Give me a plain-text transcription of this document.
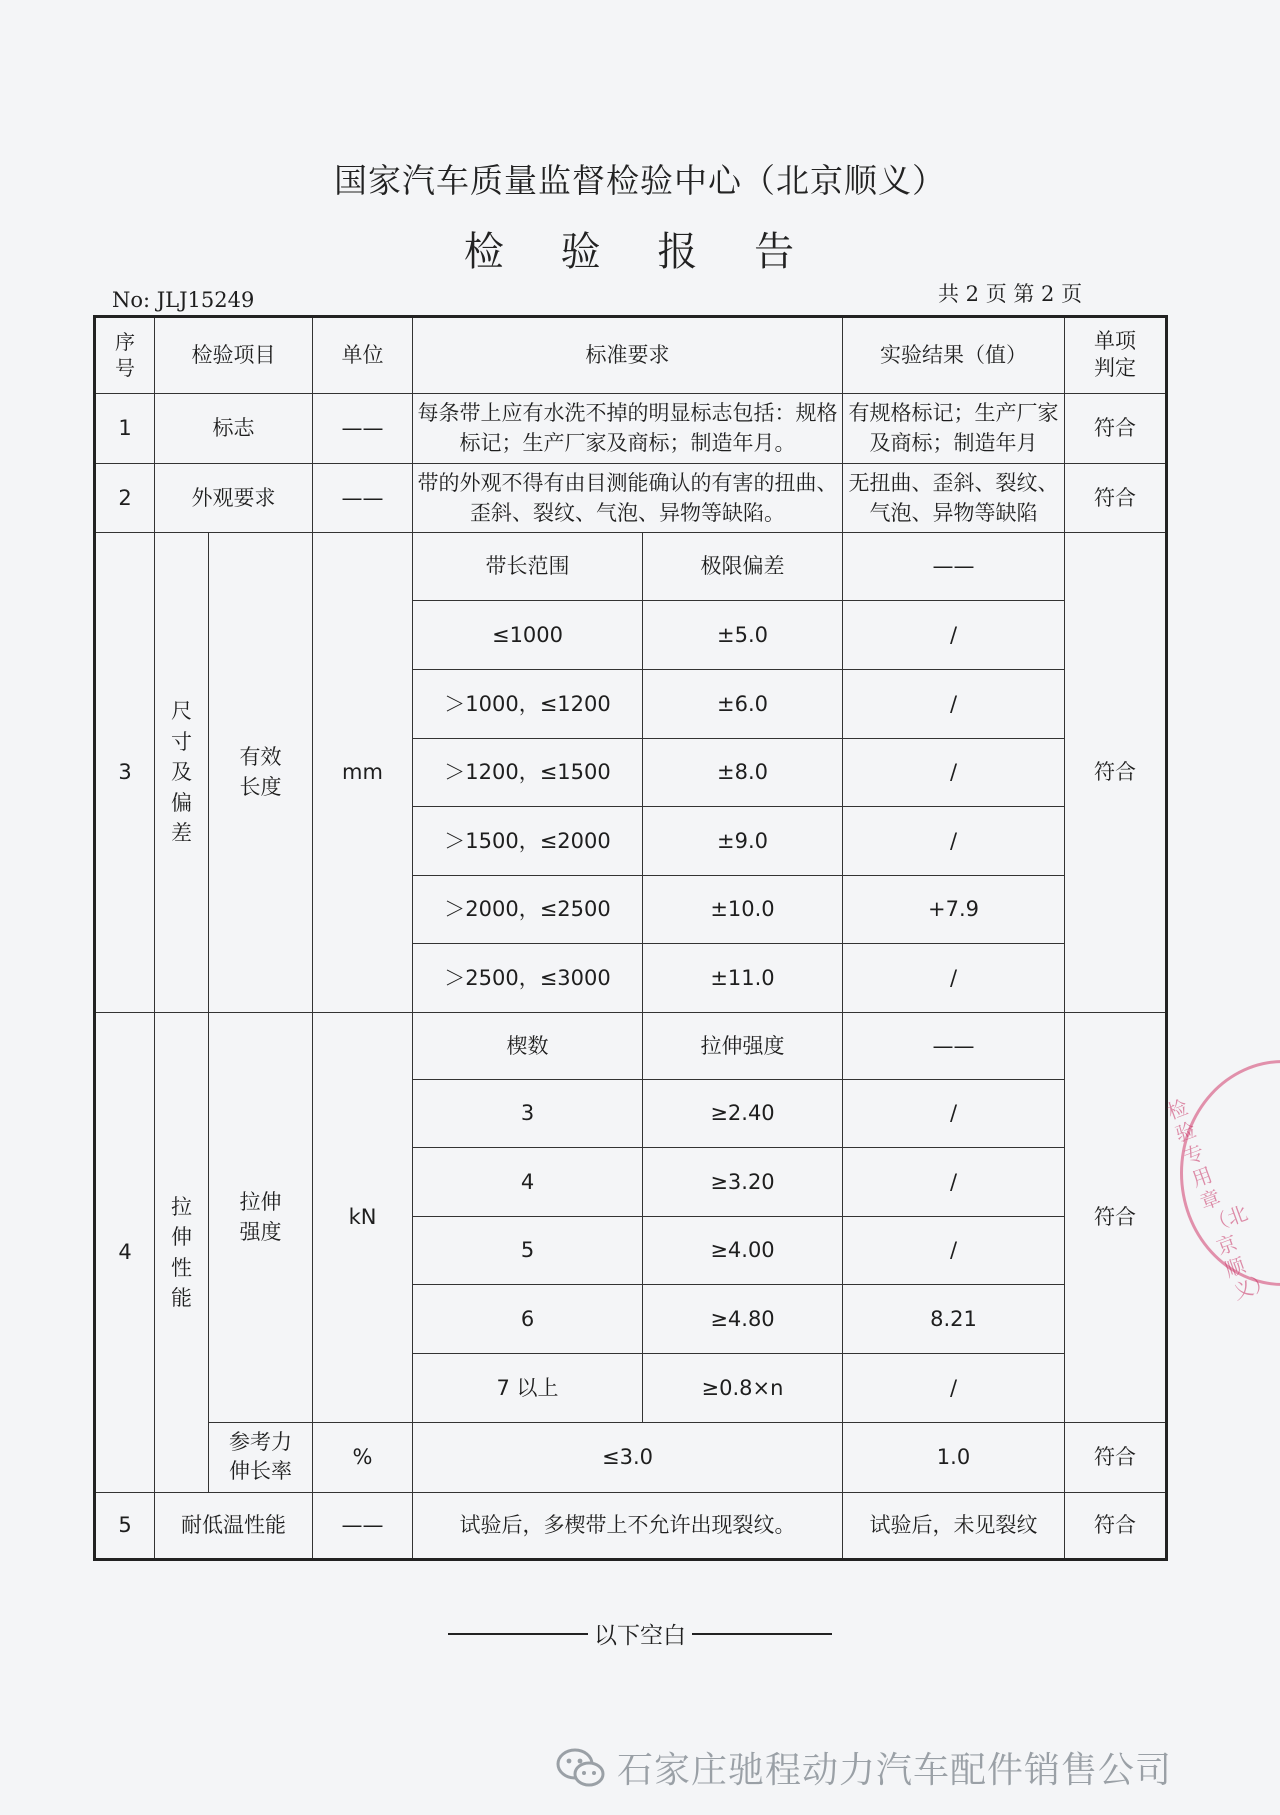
国家汽车质量监督检验中心（北京顺义）
检 验 报 告
No: JLJ15249	共 2 页 第 2 页
序号	检验项目		单位	标准要求		实验结果（值）	单项判定
1	标志		——	每条带上应有水洗不掉的明显标志包括：规格标记；生产厂家及商标；制造年月。		有规格标记；生产厂家及商标；制造年月	符合
2	外观要求		——	带的外观不得有由目测能确认的有害的扭曲、歪斜、裂纹、气泡、异物等缺陷。		无扭曲、歪斜、裂纹、气泡、异物等缺陷	符合
3	尺寸及偏差	有效长度	mm	带长范围	极限偏差	——	符合
				≤1000	±5.0	/	
				＞1000，≤1200	±6.0	/	
				＞1200，≤1500	±8.0	/	
				＞1500，≤2000	±9.0	/	
				＞2000，≤2500	±10.0	+7.9	
				＞2500，≤3000	±11.0	/	
4	拉伸性能	拉伸强度	kN	楔数	拉伸强度	——	符合
				3	≥2.40	/	
				4	≥3.20	/	
				5	≥4.00	/	
				6	≥4.80	8.21	
				7 以上	≥0.8×n	/	
		参考力伸长率	%	≤3.0		1.0	符合
5	耐低温性能		——	试验后，多楔带上不允许出现裂纹。		试验后，未见裂纹	符合
以下空白
检验专用章（北京顺义）
石家庄驰程动力汽车配件销售公司
